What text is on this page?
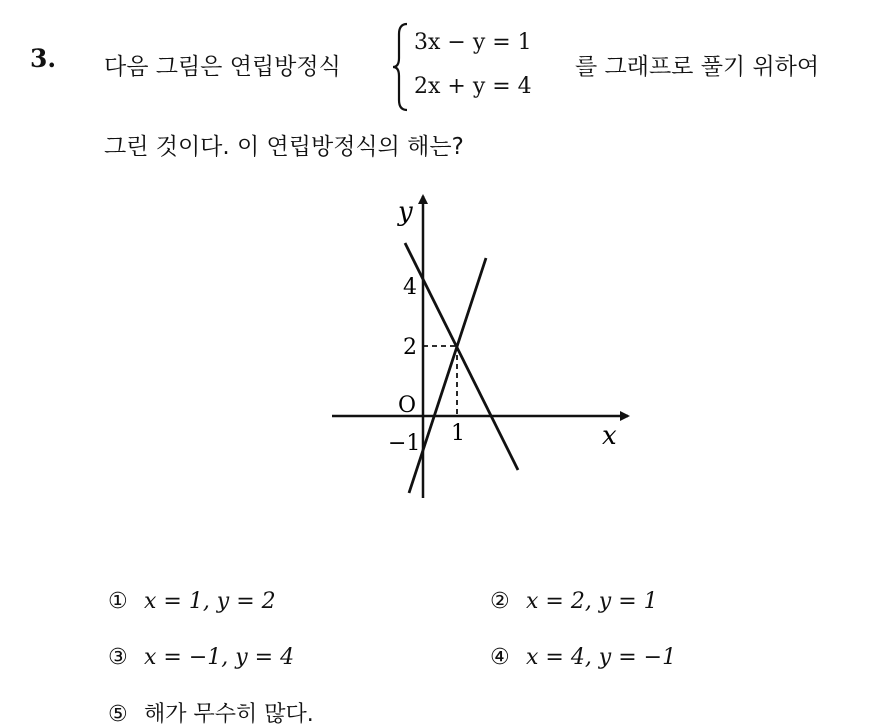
3. 다음 그림은 연립방정식
3x − y = 1
2x + y = 4
를 그래프로 풀기 위하여
그린 것이다. 이 연립방정식의 해는?
y
x
4
2
O
1
−1
① x = 1, y = 2	② x = 2, y = 1
③ x = −1, y = 4	④ x = 4, y = −1
⑤ 해가 무수히 많다.
